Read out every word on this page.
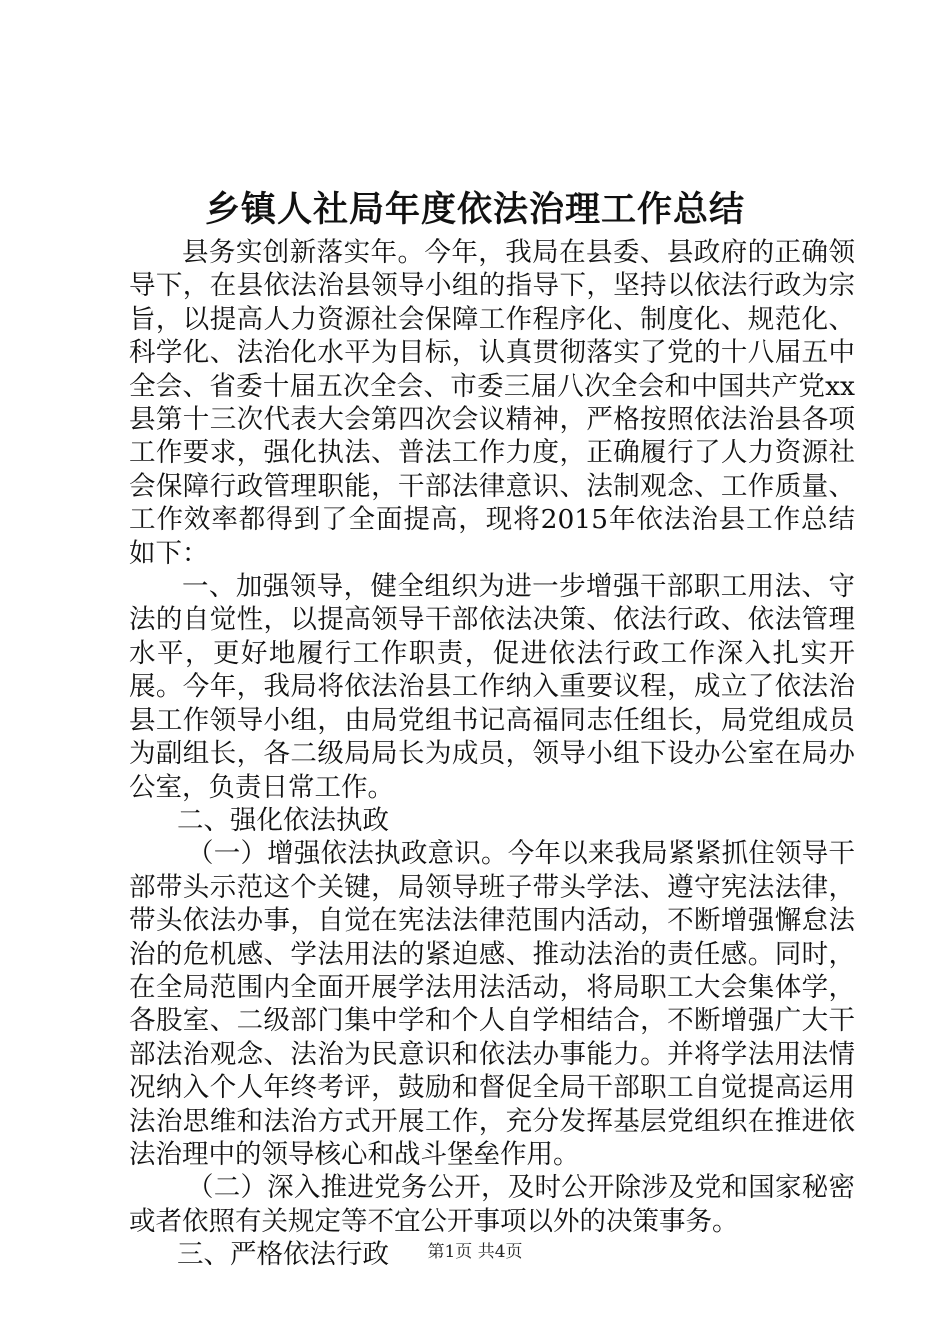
乡镇人社局年度依法治理工作总结

县务实创新落实年。今年，我局在县委、县政府的正确领导下，在县依法治县领导小组的指导下，坚持以依法行政为宗旨，以提高人力资源社会保障工作程序化、制度化、规范化、科学化、法治化水平为目标，认真贯彻落实了党的十八届五中全会、省委十届五次全会、市委三届八次全会和中国共产党xx县第十三次代表大会第四次会议精神，严格按照依法治县各项工作要求，强化执法、普法工作力度，正确履行了人力资源社会保障行政管理职能，干部法律意识、法制观念、工作质量、工作效率都得到了全面提高，现将2015年依法治县工作总结如下：

一、加强领导，健全组织为进一步增强干部职工用法、守法的自觉性，以提高领导干部依法决策、依法行政、依法管理水平，更好地履行工作职责，促进依法行政工作深入扎实开展。今年，我局将依法治县工作纳入重要议程，成立了依法治县工作领导小组，由局党组书记高福同志任组长，局党组成员为副组长，各二级局局长为成员，领导小组下设办公室在局办公室，负责日常工作。

二、强化依法执政

（一）增强依法执政意识。今年以来我局紧紧抓住领导干部带头示范这个关键，局领导班子带头学法、遵守宪法法律，带头依法办事，自觉在宪法法律范围内活动，不断增强懈怠法治的危机感、学法用法的紧迫感、推动法治的责任感。同时，在全局范围内全面开展学法用法活动，将局职工大会集体学，各股室、二级部门集中学和个人自学相结合，不断增强广大干部法治观念、法治为民意识和依法办事能力。并将学法用法情况纳入个人年终考评，鼓励和督促全局干部职工自觉提高运用法治思维和法治方式开展工作，充分发挥基层党组织在推进依法治理中的领导核心和战斗堡垒作用。

（二）深入推进党务公开，及时公开除涉及党和国家秘密或者依照有关规定等不宜公开事项以外的决策事务。

三、严格依法行政	第1页 共4页
